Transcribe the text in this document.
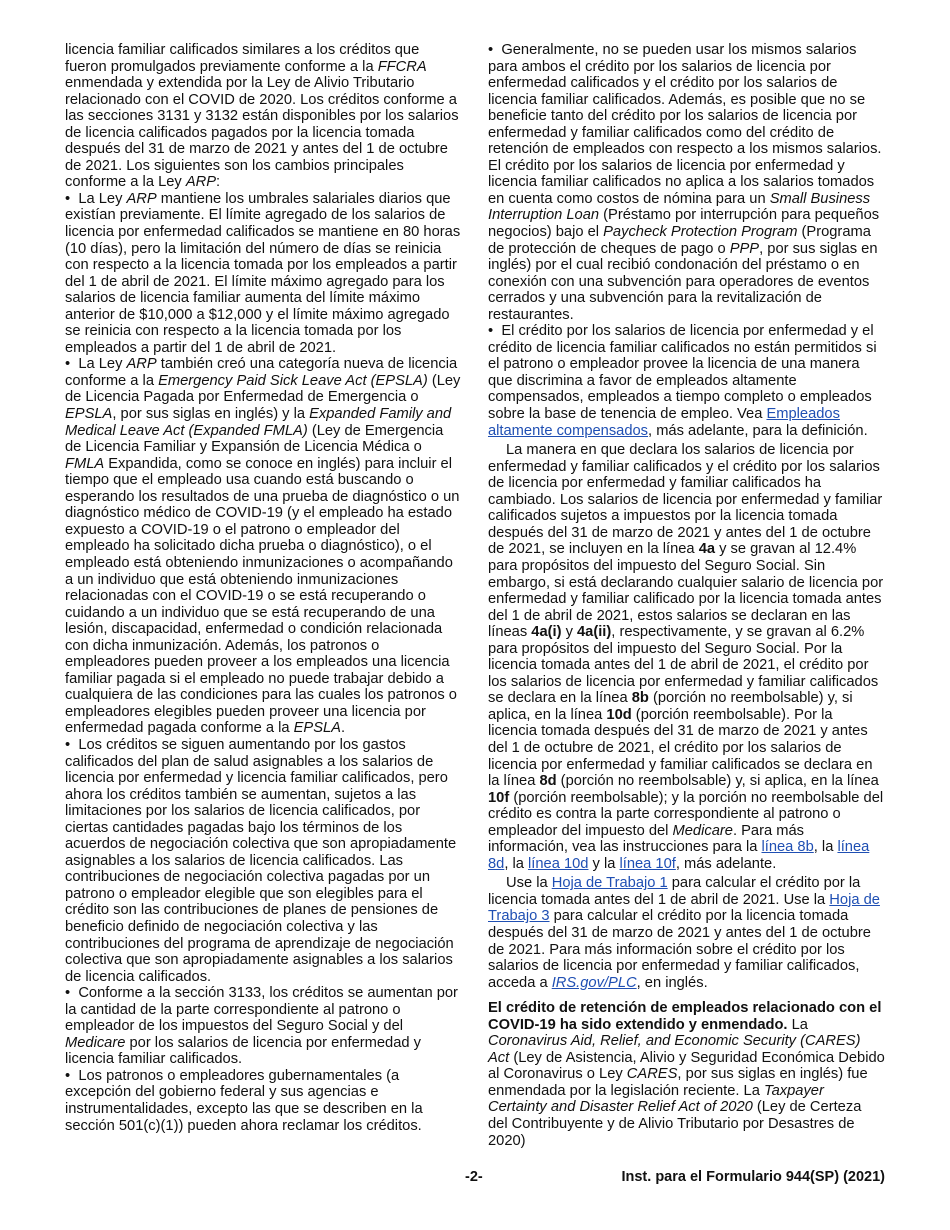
licencia familiar calificados similares a los créditos que fueron promulgados previamente conforme a la FFCRA enmendada y extendida por la Ley de Alivio Tributario relacionado con el COVID de 2020. Los créditos conforme a las secciones 3131 y 3132 están disponibles por los salarios de licencia calificados pagados por la licencia tomada después del 31 de marzo de 2021 y antes del 1 de octubre de 2021. Los siguientes son los cambios principales conforme a la Ley ARP:

•  La Ley ARP mantiene los umbrales salariales diarios que existían previamente. El límite agregado de los salarios de licencia por enfermedad calificados se mantiene en 80 horas (10 días), pero la limitación del número de días se reinicia con respecto a la licencia tomada por los empleados a partir del 1 de abril de 2021. El límite máximo agregado para los salarios de licencia familiar aumenta del límite máximo anterior de $10,000 a $12,000 y el límite máximo agregado se reinicia con respecto a la licencia tomada por los empleados a partir del 1 de abril de 2021.

•  La Ley ARP también creó una categoría nueva de licencia conforme a la Emergency Paid Sick Leave Act (EPSLA) (Ley de Licencia Pagada por Enfermedad de Emergencia o EPSLA, por sus siglas en inglés) y la Expanded Family and Medical Leave Act (Expanded FMLA) (Ley de Emergencia de Licencia Familiar y Expansión de Licencia Médica o FMLA Expandida, como se conoce en inglés) para incluir el tiempo que el empleado usa cuando está buscando o esperando los resultados de una prueba de diagnóstico o un diagnóstico médico de COVID-19 (y el empleado ha estado expuesto a COVID-19 o el patrono o empleador del empleado ha solicitado dicha prueba o diagnóstico), o el empleado está obteniendo inmunizaciones o acompañando a un individuo que está obteniendo inmunizaciones relacionadas con el COVID-19 o se está recuperando o cuidando a un individuo que se está recuperando de una lesión, discapacidad, enfermedad o condición relacionada con dicha inmunización. Además, los patronos o empleadores pueden proveer a los empleados una licencia familiar pagada si el empleado no puede trabajar debido a cualquiera de las condiciones para las cuales los patronos o empleadores elegibles pueden proveer una licencia por enfermedad pagada conforme a la EPSLA.

•  Los créditos se siguen aumentando por los gastos calificados del plan de salud asignables a los salarios de licencia por enfermedad y licencia familiar calificados, pero ahora los créditos también se aumentan, sujetos a las limitaciones por los salarios de licencia calificados, por ciertas cantidades pagadas bajo los términos de los acuerdos de negociación colectiva que son apropiadamente asignables a los salarios de licencia calificados. Las contribuciones de negociación colectiva pagadas por un patrono o empleador elegible que son elegibles para el crédito son las contribuciones de planes de pensiones de beneficio definido de negociación colectiva y las contribuciones del programa de aprendizaje de negociación colectiva que son apropiadamente asignables a los salarios de licencia calificados.

•  Conforme a la sección 3133, los créditos se aumentan por la cantidad de la parte correspondiente al patrono o empleador de los impuestos del Seguro Social y del Medicare por los salarios de licencia por enfermedad y licencia familiar calificados.

•  Los patronos o empleadores gubernamentales (a excepción del gobierno federal y sus agencias e instrumentalidades, excepto las que se describen en la sección 501(c)(1)) pueden ahora reclamar los créditos.

•  Generalmente, no se pueden usar los mismos salarios para ambos el crédito por los salarios de licencia por enfermedad calificados y el crédito por los salarios de licencia familiar calificados. Además, es posible que no se beneficie tanto del crédito por los salarios de licencia por enfermedad y familiar calificados como del crédito de retención de empleados con respecto a los mismos salarios. El crédito por los salarios de licencia por enfermedad y licencia familiar calificados no aplica a los salarios tomados en cuenta como costos de nómina para un Small Business Interruption Loan (Préstamo por interrupción para pequeños negocios) bajo el Paycheck Protection Program (Programa de protección de cheques de pago o PPP, por sus siglas en inglés) por el cual recibió condonación del préstamo o en conexión con una subvención para operadores de eventos cerrados y una subvención para la revitalización de restaurantes.

•  El crédito por los salarios de licencia por enfermedad y el crédito de licencia familiar calificados no están permitidos si el patrono o empleador provee la licencia de una manera que discrimina a favor de empleados altamente compensados, empleados a tiempo completo o empleados sobre la base de tenencia de empleo. Vea Empleados altamente compensados, más adelante, para la definición.

La manera en que declara los salarios de licencia por enfermedad y familiar calificados y el crédito por los salarios de licencia por enfermedad y familiar calificados ha cambiado. Los salarios de licencia por enfermedad y familiar calificados sujetos a impuestos por la licencia tomada después del 31 de marzo de 2021 y antes del 1 de octubre de 2021, se incluyen en la línea 4a y se gravan al 12.4% para propósitos del impuesto del Seguro Social. Sin embargo, si está declarando cualquier salario de licencia por enfermedad y familiar calificado por la licencia tomada antes del 1 de abril de 2021, estos salarios se declaran en las líneas 4a(i) y 4a(ii), respectivamente, y se gravan al 6.2% para propósitos del impuesto del Seguro Social. Por la licencia tomada antes del 1 de abril de 2021, el crédito por los salarios de licencia por enfermedad y familiar calificados se declara en la línea 8b (porción no reembolsable) y, si aplica, en la línea 10d (porción reembolsable). Por la licencia tomada después del 31 de marzo de 2021 y antes del 1 de octubre de 2021, el crédito por los salarios de licencia por enfermedad y familiar calificados se declara en la línea 8d (porción no reembolsable) y, si aplica, en la línea 10f (porción reembolsable); y la porción no reembolsable del crédito es contra la parte correspondiente al patrono o empleador del impuesto del Medicare. Para más información, vea las instrucciones para la línea 8b, la línea 8d, la línea 10d y la línea 10f, más adelante.

Use la Hoja de Trabajo 1 para calcular el crédito por la licencia tomada antes del 1 de abril de 2021. Use la Hoja de Trabajo 3 para calcular el crédito por la licencia tomada después del 31 de marzo de 2021 y antes del 1 de octubre de 2021. Para más información sobre el crédito por los salarios de licencia por enfermedad y familiar calificados, acceda a IRS.gov/PLC, en inglés.

El crédito de retención de empleados relacionado con el COVID-19 ha sido extendido y enmendado. La Coronavirus Aid, Relief, and Economic Security (CARES) Act (Ley de Asistencia, Alivio y Seguridad Económica Debido al Coronavirus o Ley CARES, por sus siglas en inglés) fue enmendada por la legislación reciente. La Taxpayer Certainty and Disaster Relief Act of 2020 (Ley de Certeza del Contribuyente y de Alivio Tributario por Desastres de 2020)

-2-	Inst. para el Formulario 944(SP) (2021)
